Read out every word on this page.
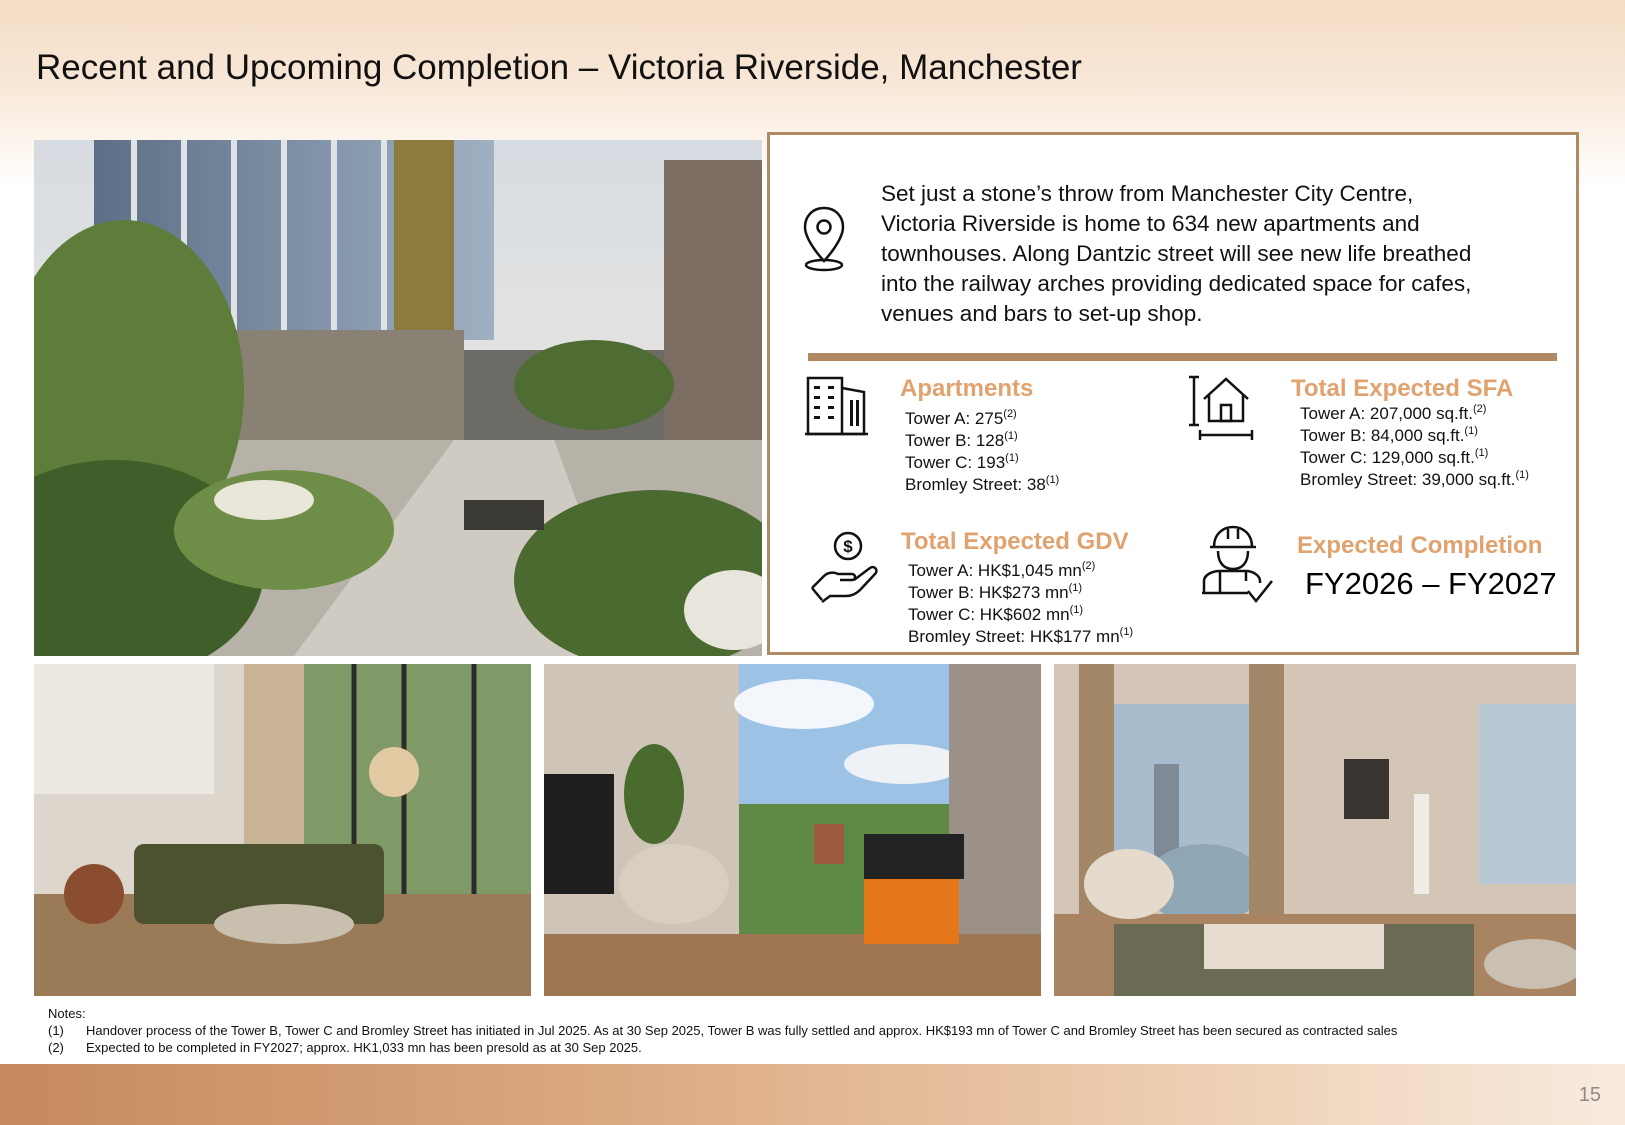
Recent and Upcoming Completion – Victoria Riverside, Manchester
Set just a stone’s throw from Manchester City Centre, Victoria Riverside is home to 634 new apartments and townhouses. Along Dantzic street will see new life breathed into the railway arches providing dedicated space for cafes, venues and bars to set-up shop.
Apartments
Tower A: 275$^{(2)}$
Tower B: 128$^{(1)}$
Tower C: 193$^{(1)}$
Bromley Street: 38$^{(1)}$
Total Expected SFA
Tower A: 207,000 sq.ft.$^{(2)}$
Tower B: 84,000 sq.ft.$^{(1)}$
Tower C: 129,000 sq.ft.$^{(1)}$
Bromley Street: 39,000 sq.ft.$^{(1)}$
$ Total Expected GDV
Tower A: HK$1,045 $mn^{(2)}$
Tower B: HK$273 $mn^{(1)}$
Tower C: HK$602 $mn^{(1)}$
Bromley Street: HK$177 $mn^{(1)}$
Expected Completion
FY2026 – FY2027
Notes:
(1)	Handover process of the Tower B, Tower C and Bromley Street has initiated in Jul 2025. As at 30 Sep 2025, Tower B was fully settled and approx. HK$193 mn of Tower C and Bromley Street has been secured as contracted sales
(2)	Expected to be completed in FY2027; approx. HK1,033 mn has been presold as at 30 Sep 2025.
15
